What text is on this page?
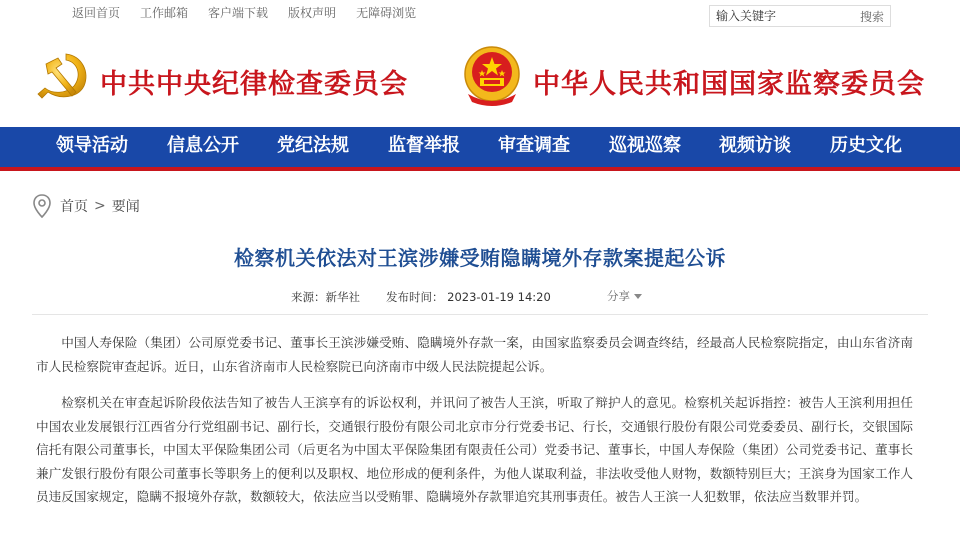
返回首页 工作邮箱 客户端下载 版权声明 无障碍浏览
输入关键字	搜索
中共中央纪律检查委员会	中华人民共和国国家监察委员会
领导活动 信息公开 党纪法规 监督举报 审查调查 巡视巡察 视频访谈 历史文化
首页 > 要闻
检察机关依法对王滨涉嫌受贿隐瞒境外存款案提起公诉
来源：新华社 发布时间： 2023-01-19 14:20	分享

中国人寿保险（集团）公司原党委书记、董事长王滨涉嫌受贿、隐瞒境外存款一案，由国家监察委员会调查终结，经最高人民检察院指定，由山东省济南市人民检察院审查起诉。近日，山东省济南市人民检察院已向济南市中级人民法院提起公诉。

检察机关在审查起诉阶段依法告知了被告人王滨享有的诉讼权利，并讯问了被告人王滨，听取了辩护人的意见。检察机关起诉指控：被告人王滨利用担任中国农业发展银行江西省分行党组副书记、副行长，交通银行股份有限公司北京市分行党委书记、行长，交通银行股份有限公司党委委员、副行长，交银国际信托有限公司董事长，中国太平保险集团公司（后更名为中国太平保险集团有限责任公司）党委书记、董事长，中国人寿保险（集团）公司党委书记、董事长兼广发银行股份有限公司董事长等职务上的便利以及职权、地位形成的便利条件，为他人谋取利益，非法收受他人财物，数额特别巨大；王滨身为国家工作人员违反国家规定，隐瞒不报境外存款，数额较大，依法应当以受贿罪、隐瞒境外存款罪追究其刑事责任。被告人王滨一人犯数罪，依法应当数罪并罚。
